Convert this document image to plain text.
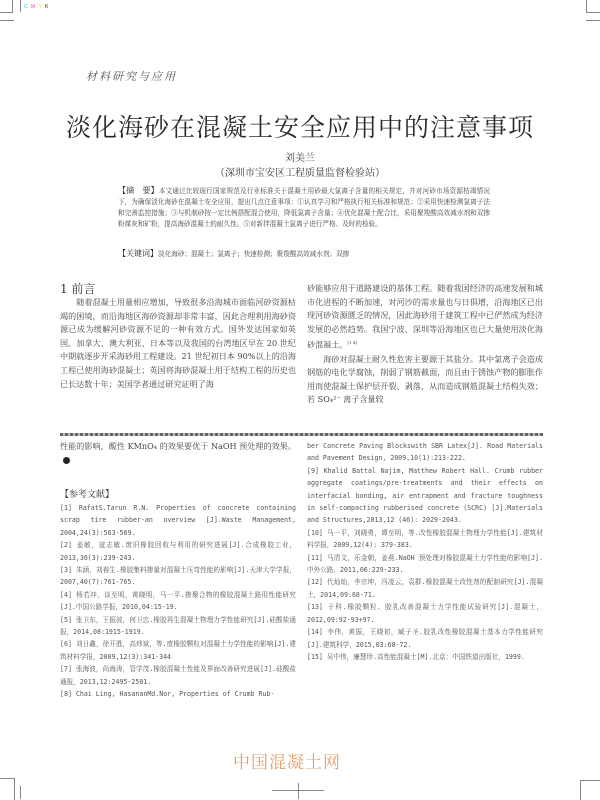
C M Y K
材料研究与应用
淡化海砂在混凝土安全应用中的注意事项
刘美兰
（深圳市宝安区工程质量监督检验站）
【摘　要】本文通过比较现行国家规范及行业标准关于混凝土用砂最大氯离子含量的相关规定，并对河砂市场资源枯竭情况下，为确保淡化海砂在混凝土安全应用，提出几点注意事项：①认真学习和严格执行相关标准和规范；②采用快速检测氯离子法和完善监控措施；③与机制砂按一定比例搭配混合使用，降低氯离子含量；④优化混凝土配合比，采用聚羧酸高效减水剂和双掺粉煤灰和矿粉，提高海砂混凝土的耐久性。⑤对新拌混凝土氯离子进行严格、及时的检验。
【关键词】淡化海砂；混凝土；氯离子；快速检测；聚羧酸高效减水剂；双掺
1 前言

随着混凝土用量相应增加，导致很多沿海城市面临河砂资源枯竭的困境，而沿海地区海砂资源却非常丰富，因此合理利用海砂资源已成为缓解河砂资源不足的一种有效方式。国外发达国家如英国、加拿大、澳大利亚、日本等以及我国的台湾地区早在 20 世纪中期就逐步开采海砂用工程建设。21 世纪初日本 90%以上的沿海工程已使用海砂混凝土；英国将海砂混凝土用于结构工程的历史也已长达数十年；美国学者通过研究证明了海

砂能够应用于道路建设的基体工程。随着我国经济的高速发展和城市化进程的不断加速，对河沙的需求量也与日俱增，沿海地区已出现河砂资源匮乏的情况，因此海砂用于建筑工程中已俨然成为经济发展的必然趋势。我国宁波、深圳等沿海地区也已大量使用淡化海砂混凝土。[1-4]

海砂对混凝土耐久性危害主要源于其盐分。其中氯离子会造成钢筋的电化学腐蚀，削弱了钢筋截面，而且由于锈蚀产物的膨胀作用而使混凝土保护层开裂、剥落，从而造成钢筋混凝土结构失效；若 SO₄²⁻ 离子含量较

性能的影响，酸性 KMnO₄ 的效果要优于 NaOH 预处理的效果。

【参考文献】
[1] RafatS.Tarun R.N. Properties of concrete containing scrap tire rubber-an overview [J].Waste Management, 2004,24(3):563-569.
[2] 姜敏，寇志敏.废旧橡胶回收与利用的研究进展[J].合成橡胶工业，2013,36(3):239-243.
[3] 朱涵，刘春生.橡胶集料掺量对混凝土压弯性能的影响[J].天津大学学报，2007,40(7):761-765.
[4] 杨若冲，谈至明，黄晓明，马一平.掺聚合物的橡胶混凝土路用性能研究[J].中国公路学报，2010,04:15-19.
[5] 张卫东，王振波，何卫忠.橡胶再生混凝土物理力学性能研究[J].硅酸盐通报，2014,08:1915-1919.
[6] 刘日鑫，徐开胜，高炜斌，等.废橡胶颗粒对混凝土力学性能的影响[J].建筑材料学报，2009,12(3):341-344
[7] 张海波，尚海涛，管学茂.橡胶混凝土性能及界面改善研究进展[J].硅酸盐通报，2013,12:2495-2501.
[8] Chai Ling, HasananMd.Nor, Properties of Crumb Rub-
ber Concrete Paving Blockswith SBR Latex[J]. Road Materials and Pavement Design, 2009,10(1):213-222.
[9] Khalid Battal Najim, Matthew Robert Hall. Crumb rubber aggregate coatings/pre-treatments and their effects on interfacial bonding, air entrapment and fracture toughness in self-compacting rubberised concrete (SCRC) [J].Materials and Structures,2013,12 (46): 2029-2043.
[10] 马一平，刘晓勇，谭至明，等.改性橡胶混凝土物理力学性能[J].建筑材料学报，2009,12(4): 379-383.
[11] 马清文，乐金朝，姜燕.NaOH 预处理对橡胶混凝土力学性能的影响[J].中外公路，2011,06:229-233.
[12] 代灿灿，李宗坤，冯凌云，袁群.橡胶混凝土改性剂的配制研究[J].混凝土，2014,09:68-71.
[13] 于科.橡胶颗粒、胶乳改善混凝土力学性能试验研究[J].混凝土，2012,09:92-93+97.
[14] 李伟，黄振，王晓初，臧子圣.胶乳改性橡胶混凝土基本力学性能研究[J].建筑科学，2015,03:68-72.
[15] 吴中伟，廉慧珍.高性能混凝土[M].北京：中国铁道出版社，1999.
中国混凝土网
